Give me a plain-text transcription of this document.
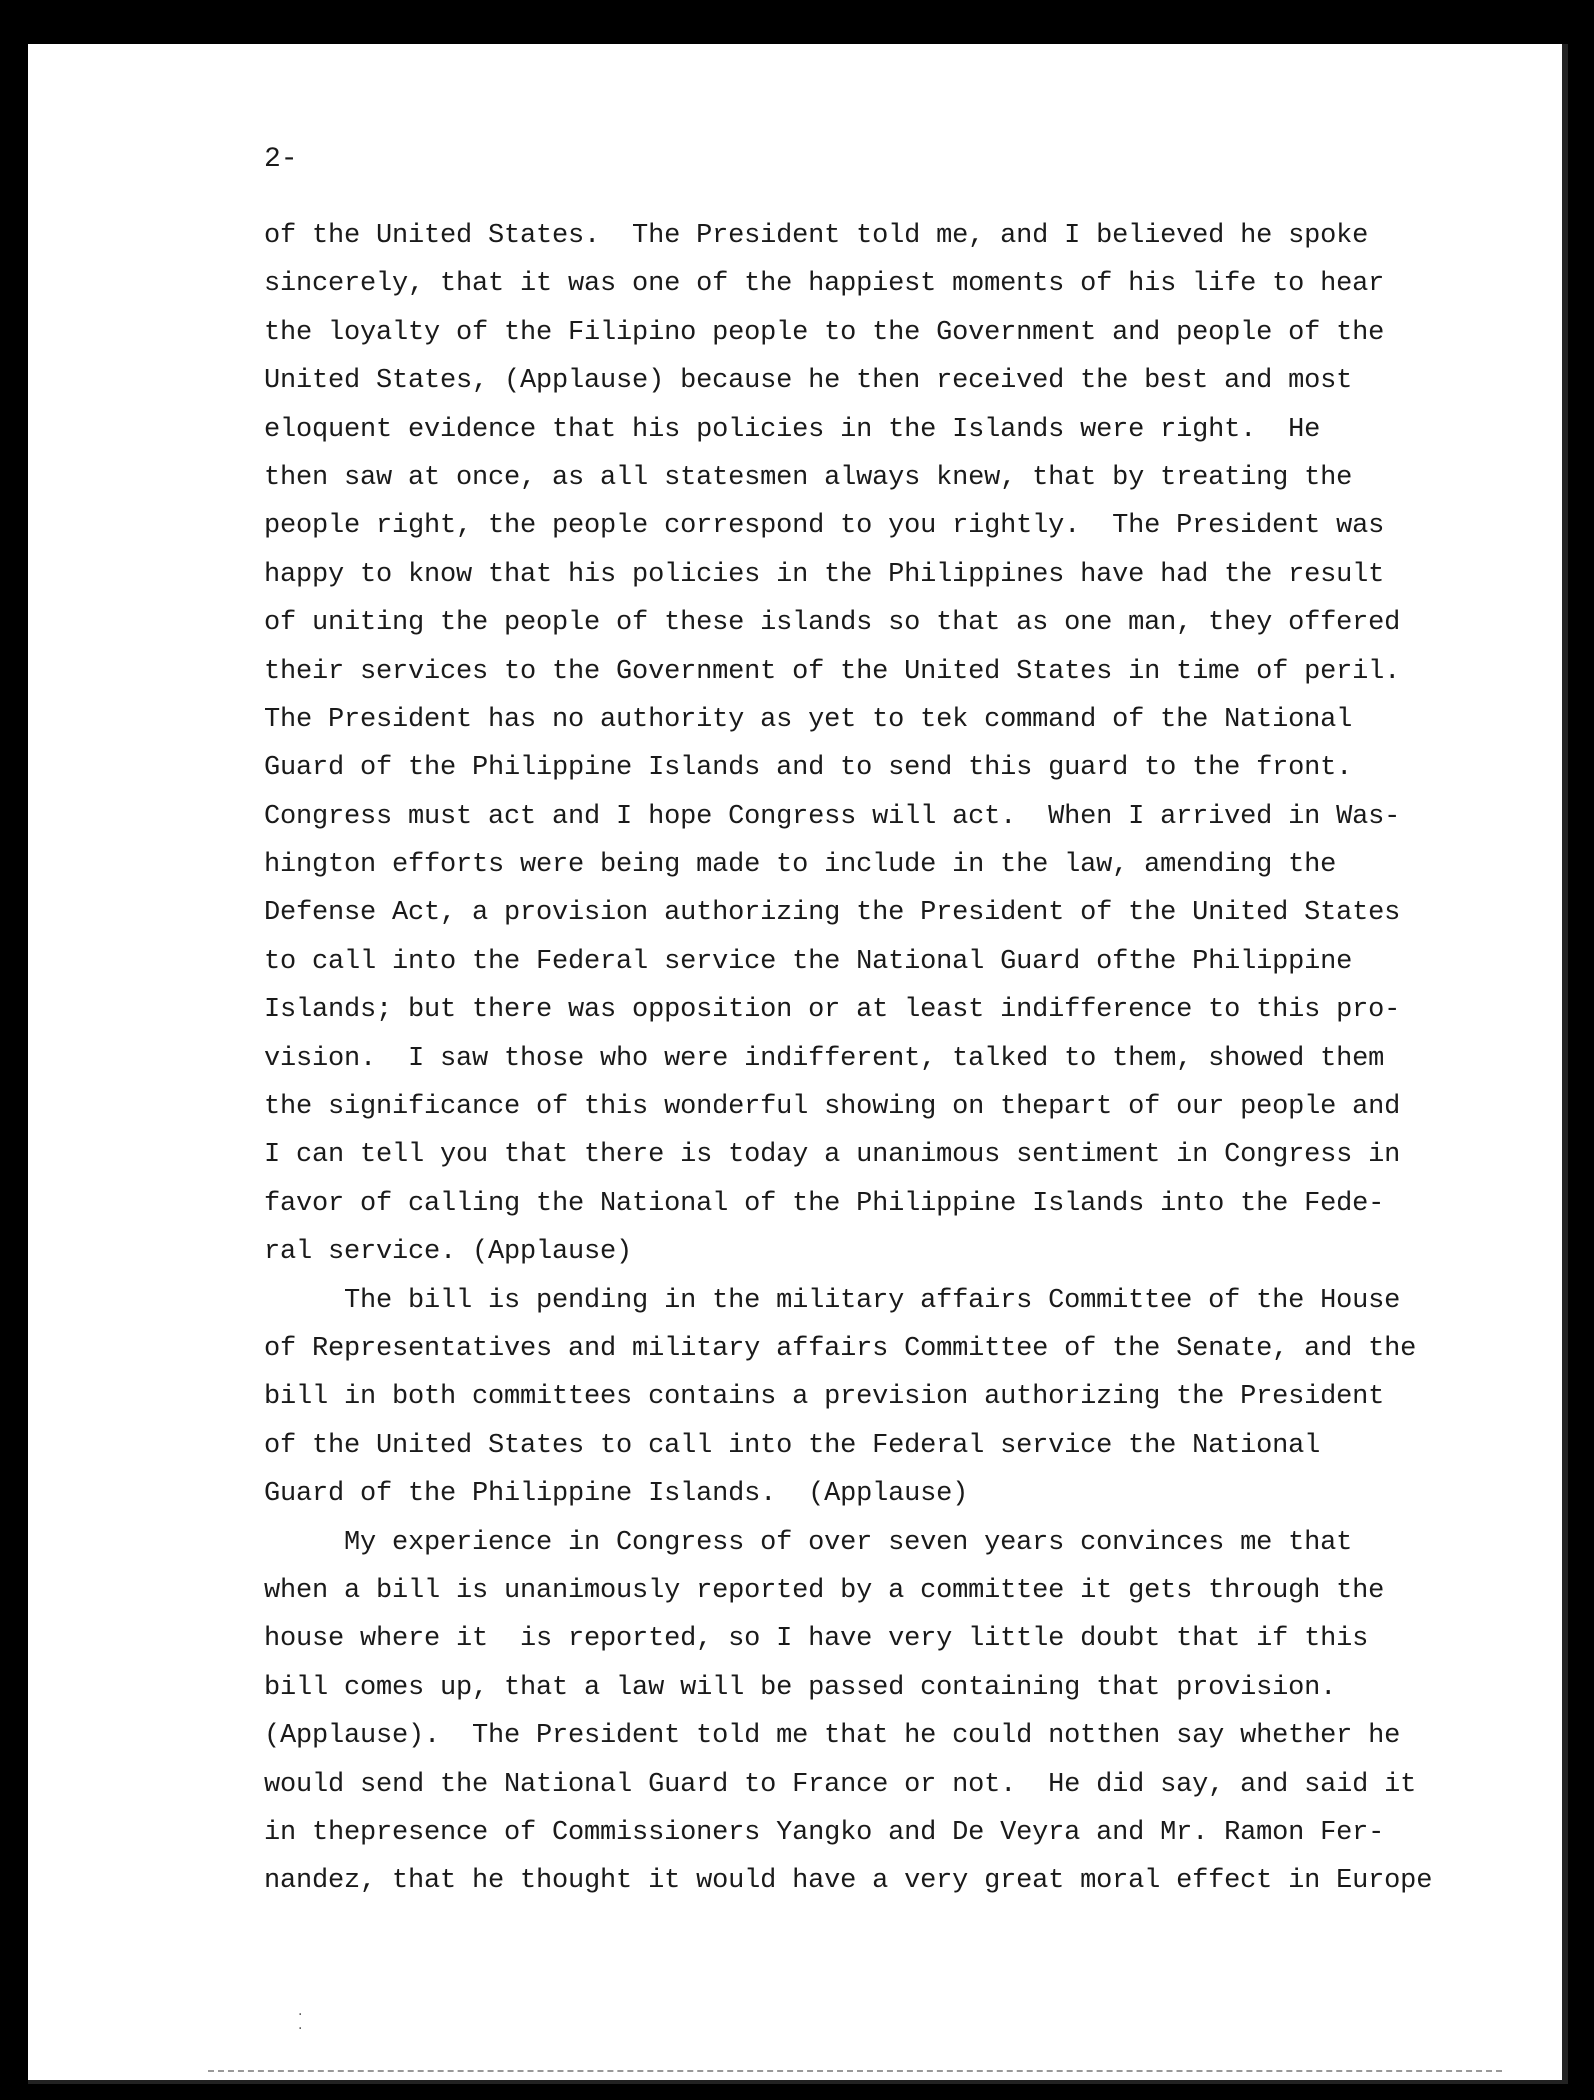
2-

of the United States.  The President told me, and I believed he spoke
sincerely, that it was one of the happiest moments of his life to hear
the loyalty of the Filipino people to the Government and people of the
United States, (Applause) because he then received the best and most
eloquent evidence that his policies in the Islands were right.  He
then saw at once, as all statesmen always knew, that by treating the
people right, the people correspond to you rightly.  The President was
happy to know that his policies in the Philippines have had the result
of uniting the people of these islands so that as one man, they offered
their services to the Government of the United States in time of peril.
The President has no authority as yet to tek command of the National
Guard of the Philippine Islands and to send this guard to the front.
Congress must act and I hope Congress will act.  When I arrived in Was-
hington efforts were being made to include in the law, amending the
Defense Act, a provision authorizing the President of the United States
to call into the Federal service the National Guard ofthe Philippine
Islands; but there was opposition or at least indifference to this pro-
vision.  I saw those who were indifferent, talked to them, showed them
the significance of this wonderful showing on thepart of our people and
I can tell you that there is today a unanimous sentiment in Congress in
favor of calling the National of the Philippine Islands into the Fede-
ral service. (Applause)
The bill is pending in the military affairs Committee of the House
of Representatives and military affairs Committee of the Senate, and the
bill in both committees contains a prevision authorizing the President
of the United States to call into the Federal service the National
Guard of the Philippine Islands.  (Applause)
My experience in Congress of over seven years convinces me that
when a bill is unanimously reported by a committee it gets through the
house where it  is reported, so I have very little doubt that if this
bill comes up, that a law will be passed containing that provision.
(Applause).  The President told me that he could notthen say whether he
would send the National Guard to France or not.  He did say, and said it
in thepresence of Commissioners Yangko and De Veyra and Mr. Ramon Fer-
nandez, that he thought it would have a very great moral effect in Europe
.
.
